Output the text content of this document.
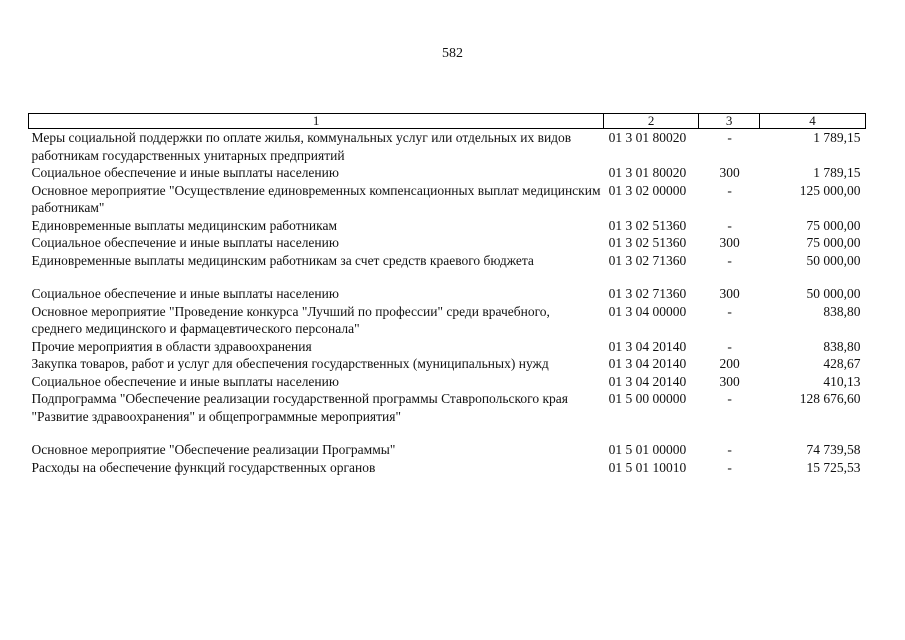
582
1	2	3	4
Меры социальной поддержки по оплате жилья, коммунальных услуг или отдельных их видов работникам государственных унитарных предприятий	01 3 01 80020	-	1 789,15
Социальное обеспечение и иные выплаты населению	01 3 01 80020	300	1 789,15
Основное мероприятие "Осуществление единовременных компенсационных выплат медицинским работникам"	01 3 02 00000	-	125 000,00
Единовременные выплаты медицинским работникам	01 3 02 51360	-	75 000,00
Социальное обеспечение и иные выплаты населению	01 3 02 51360	300	75 000,00
Единовременные выплаты медицинским работникам за счет средств краевого бюджета	01 3 02 71360	-	50 000,00
Социальное обеспечение и иные выплаты населению	01 3 02 71360	300	50 000,00
Основное мероприятие "Проведение конкурса "Лучший по профессии" среди врачебного, среднего медицинского и фармацевтического персонала"	01 3 04 00000	-	838,80
Прочие мероприятия в области здравоохранения	01 3 04 20140	-	838,80
Закупка товаров, работ и услуг для обеспечения государственных (муниципальных) нужд	01 3 04 20140	200	428,67
Социальное обеспечение и иные выплаты населению	01 3 04 20140	300	410,13
Подпрограмма "Обеспечение реализации государственной программы Ставропольского края "Развитие здравоохранения" и общепрограммные мероприятия"	01 5 00 00000	-	128 676,60
Основное мероприятие "Обеспечение реализации Программы"	01 5 01 00000	-	74 739,58
Расходы на обеспечение функций государственных органов	01 5 01 10010	-	15 725,53
